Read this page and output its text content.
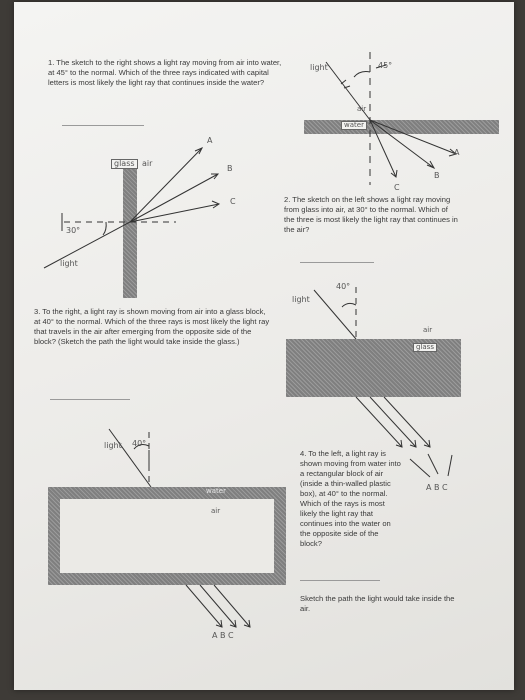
1. The sketch to the right shows a light ray moving from air into water, at 45° to the normal. Which of the three rays indicated with capital letters is most likely the light ray that continues inside the water?

2. The sketch on the left shows a light ray moving from glass into air, at 30° to the normal. Which of the three is most likely the light ray that continues in the air?

3. To the right, a light ray is shown moving from air into a glass block, at 40° to the normal. Which of the three rays is most likely the light ray that travels in the air after emerging from the opposite side of the block? (Sketch the path the light would take inside the glass.)

4. To the left, a light ray is shown moving from water into a rectangular block of air (inside a thin-walled plastic box), at 40° to the normal. Which of the rays is most likely the light ray that continues into the water on the opposite side of the block?

Sketch the path the light would take inside the air.

light	45°
air
water
A
B
C
glass air
30°
light
A
B
C
light
40°
air
glass
light 40°
water
air
A B C
A B C
